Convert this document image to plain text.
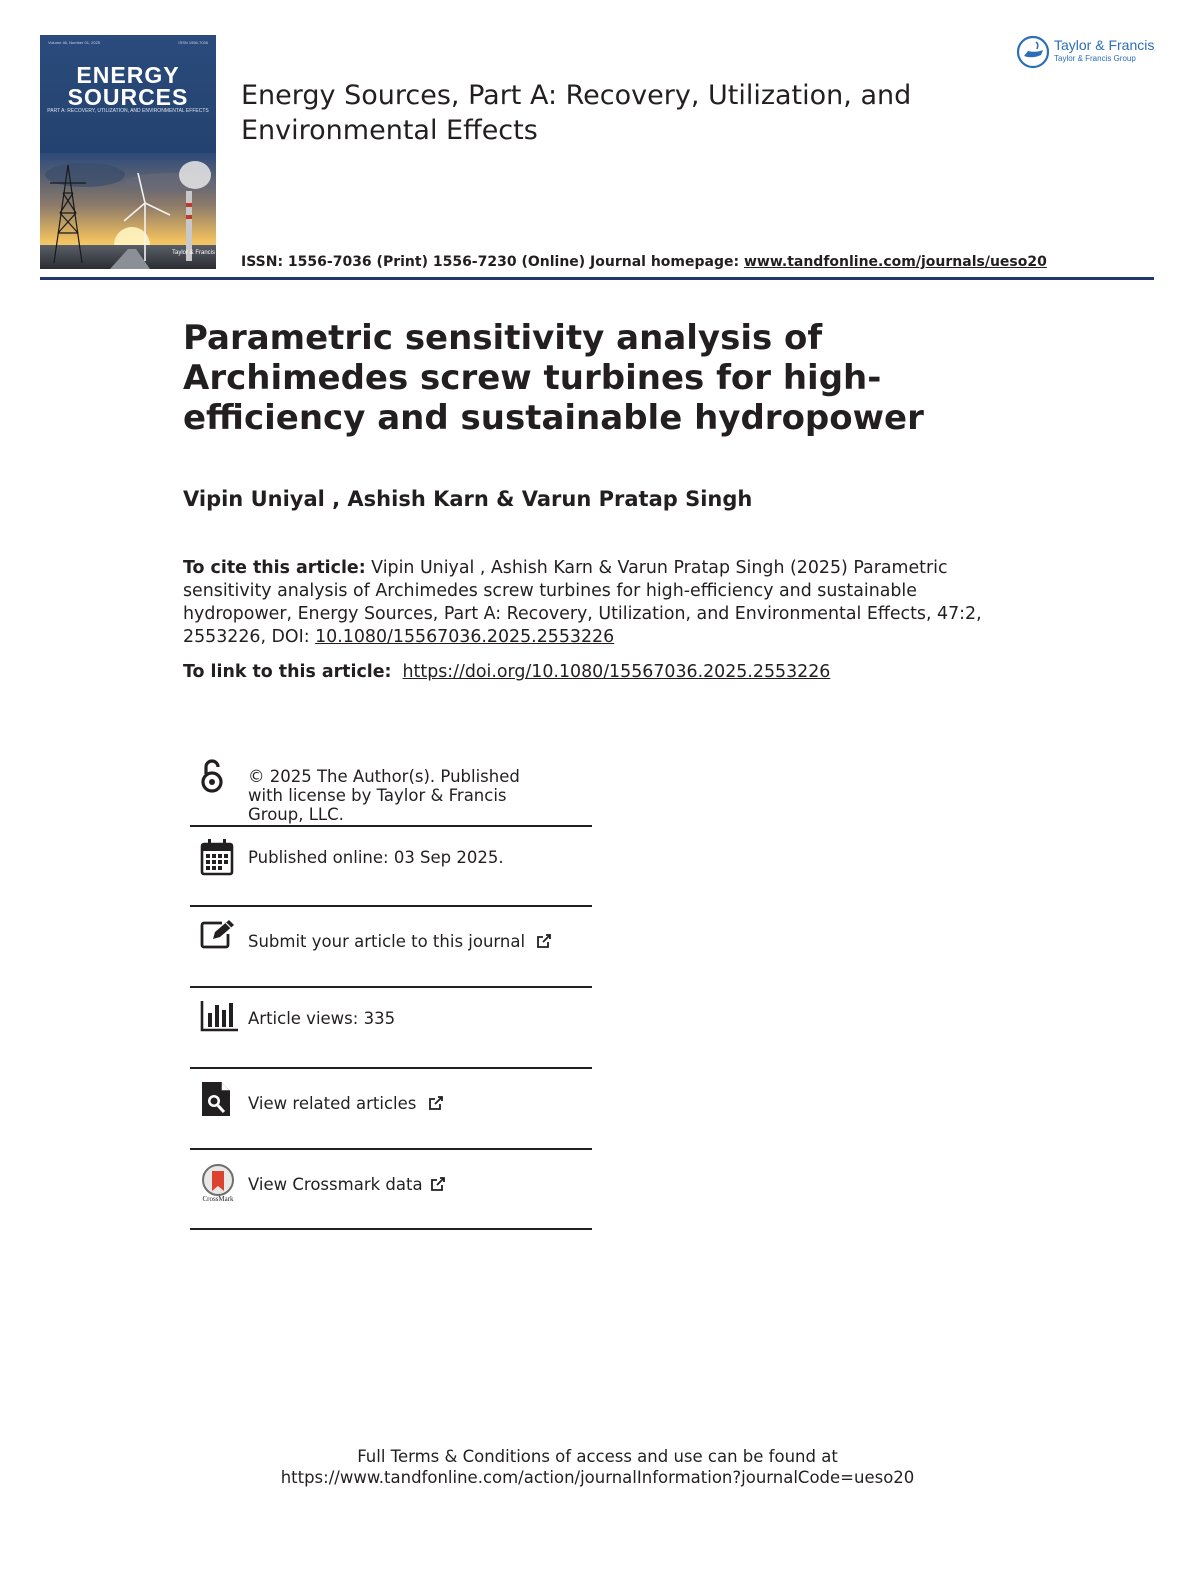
Volume 46, Number 01, 2025	ISSN 1556-7036
ENERGY
SOURCES
PART A: RECOVERY, UTILIZATION, AND ENVIRONMENTAL EFFECTS
Taylor & Francis
Energy Sources, Part A: Recovery, Utilization, and Environmental Effects
ISSN: 1556-7036 (Print) 1556-7230 (Online) Journal homepage: www.tandfonline.com/journals/ueso20
Taylor & Francis
Taylor & Francis Group
Parametric sensitivity analysis of Archimedes screw turbines for high-efficiency and sustainable hydropower
Vipin Uniyal , Ashish Karn & Varun Pratap Singh
To cite this article: Vipin Uniyal , Ashish Karn & Varun Pratap Singh (2025) Parametric sensitivity analysis of Archimedes screw turbines for high-efficiency and sustainable hydropower, Energy Sources, Part A: Recovery, Utilization, and Environmental Effects, 47:2, 2553226, DOI: 10.1080/15567036.2025.2553226
To link to this article: https://doi.org/10.1080/15567036.2025.2553226
© 2025 The Author(s). Published with license by Taylor & Francis Group, LLC.
Published online: 03 Sep 2025.
Submit your article to this journal
Article views: 335
View related articles
CrossMark
View Crossmark data
Full Terms & Conditions of access and use can be found at
https://www.tandfonline.com/action/journalInformation?journalCode=ueso20
